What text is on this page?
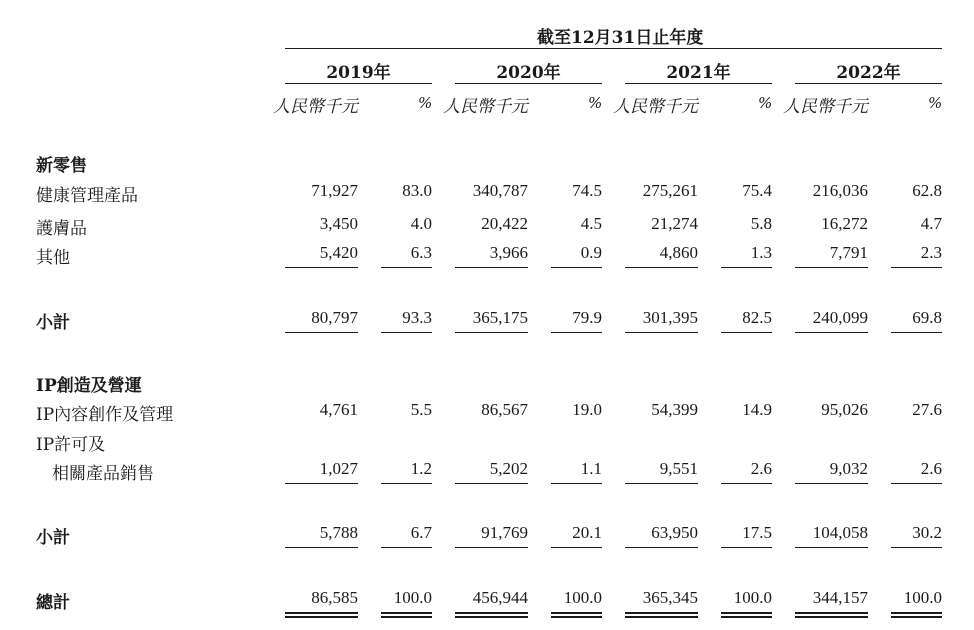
截至12月31日止年度
2019年	2020年	2021年	2022年
人民幣千元	% 人民幣千元	% 人民幣千元	% 人民幣千元	%
新零售
健康管理產品	71,927	83.0 340,787	74.5 275,261	75.4 216,036	62.8
護膚品	3,450	4.0	20,422	4.5	21,274	5.8	16,272	4.7
其他	5,420	6.3	3,966	0.9	4,860	1.3	7,791	2.3
小計	80,797	93.3 365,175	79.9 301,395	82.5 240,099	69.8
IP創造及營運
IP內容創作及管理	4,761	5.5	86,567	19.0	54,399	14.9	95,026	27.6
IP許可及
相關產品銷售	1,027	1.2	5,202	1.1	9,551	2.6	9,032	2.6
小計	5,788	6.7	91,769	20.1	63,950	17.5 104,058	30.2
總計	86,585 100.0 456,944 100.0 365,345 100.0 344,157 100.0
